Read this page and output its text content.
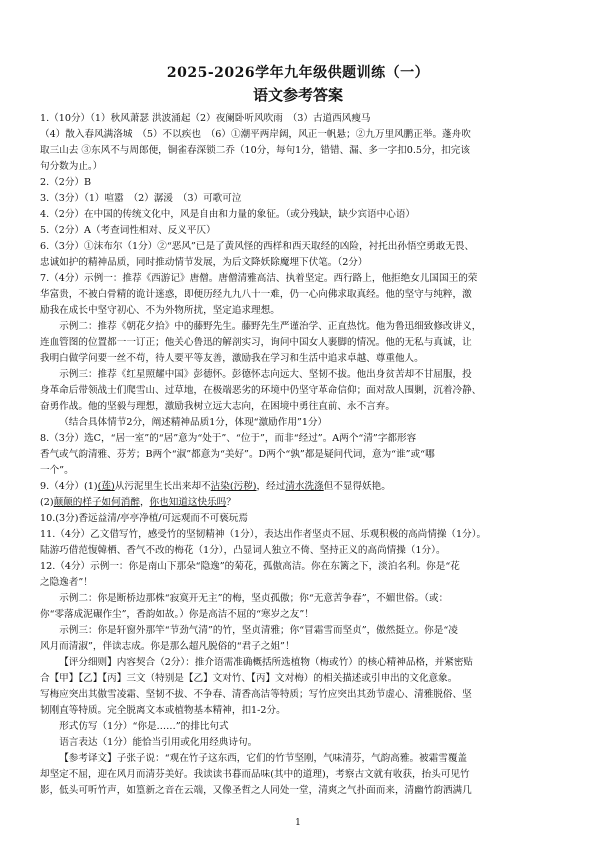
2025-2026学年九年级供题训练（一）
语文参考答案

1.（10分）（1）秋风萧瑟 洪波涌起（2）夜阑卧听风吹雨　（3）古道西风瘦马

（4）散入春风满洛城　（5）不以疾也　（6）①潮平两岸阔，风正一帆悬；②九万里风鹏正举。蓬舟吹

取三山去 ③东风不与周郎便，铜雀春深锁二乔（10分，每句1分，错错、漏、多一字扣0.5分，扣完该

句分数为止。）

2.（2分）B

3.（3分）（1）喧嚣　（2）潺湲　（3）可歌可泣

4.（2分）在中国的传统文化中，风是自由和力量的象征。（或分残缺，缺少宾语中心语）

5.（2分）A（考查词性相对、反义平仄）

6.（3分）①沫布尔（1分）②“恶风”已是了黄风怪的西样和西天取经的凶险，衬托出孙悟空勇敢无畏、

忠诚如护的精神品质，同时推动情节发展，为后文降妖除魔埋下伏笔。（2分）

7.（4分）示例一：推荐《西游记》唐僧。唐僧清雅高洁、执着坚定。西行路上，他拒绝女儿国国王的荣

华富贵，不被白骨精的诡计迷惑，即便历经九九八十一难，仍一心向佛求取真经。他的坚守与纯粹，激

励我在成长中坚守初心、不为外物所扰，坚定追求理想。

示例二：推荐《朝花夕拾》中的藤野先生。藤野先生严谨治学、正直热忱。他为鲁迅细致修改讲义，

连血管图的位置都一一订正；他关心鲁迅的解剖实习，询问中国女人裹脚的情况。他的无私与真诚，让

我明白做学问要一丝不苟，待人要平等友善，激励我在学习和生活中追求卓越、尊重他人。

示例三：推荐《红星照耀中国》彭德怀。彭德怀志向远大、坚韧不拔。他出身贫苦却不甘屈服，投

身革命后带领战士们爬雪山、过草地，在极端恶劣的环境中仍坚守革命信仰；面对敌人围剿，沉着冷静、

奋勇作战。他的坚毅与理想，激励我树立远大志向，在困境中勇往直前、永不言弃。

（结合具体情节2分，阐述精神品质1分，体现“激励作用”1分）

8.（3分）选C，“居一室”的“居”意为“处于”、“位于”，而非“经过”。A两个“清”字都形容

香气或气韵清雅、芬芳；B两个“淑”都意为“美好”。D两个“孰”都是疑问代词，意为“谁”或“哪

一个”。

9.（4分）(1)(莲)从污泥里生长出来却不沾染(污秽)，经过清水洗涤但不显得妖艳。

(2)颠颠的样子如何消醉，你也知道这快乐吗？

10.(3分)香远益清/亭亭净植/可远观而不可亵玩焉

11.（4分）乙文借写竹，感受竹的坚韧精神（1分），表达出作者坚贞不屈、乐观积极的高尚情操（1分）。

陆游巧借范愎韓栖、香气不改的梅花（1分），凸显词人独立不倚、坚持正义的高尚情操（1分）。

12.（4分）示例一：你是南山下那朵“隐逸”的菊花，孤傲高洁。你在东篱之下，淡泊名利。你是“花

之隐逸者”！

示例二：你是断桥边那株“寂寞开无主”的梅，坚贞孤傲；你“无意苦争春”，不媚世俗。（或：

你“零落成泥碾作尘”，香韵如故。）你是高洁不屈的“寒岁之友”！

示例三：你是轩窗外那竿“节劲气清”的竹，坚贞清雅；你“冒霜雪而坚贞”，傲然挺立。你是“凌

风月而清淑”，伴读志成。你是那么超凡脱俗的“君子之姐”！

【评分细则】内容契合（2分）：推介语需准确概括所选植物（梅或竹）的核心精神品格，并紧密贴

合【甲】【乙】【丙】三文（特别是【乙】文对竹、【丙】文对梅）的相关描述或引申出的文化意象。

写梅应突出其傲雪凌霜、坚韧不拔、不争春、清香高洁等特质；写竹应突出其劲节虚心、清雅脱俗、坚

韧刚直等特质。完全脱离文本或植物基本精神，扣1-2分。

形式仿写（1分）“你是……”的排比句式

语言表达（1分）能恰当引用或化用经典诗句。

【参考译文】子张子说：“观在竹子这东西，它们的竹节坚刚，气味清芬，气韵高雅。被霜雪覆盖

却坚定不屈，迎在风月而清芬美好。我读读书暮而品味(其中的道理)，考察古文就有收获，抬头可见竹

影，低头可听竹声，如篁新之音在云端，又像圣哲之人同处一堂，清爽之气扑面而来，清幽竹韵洒满几

1
